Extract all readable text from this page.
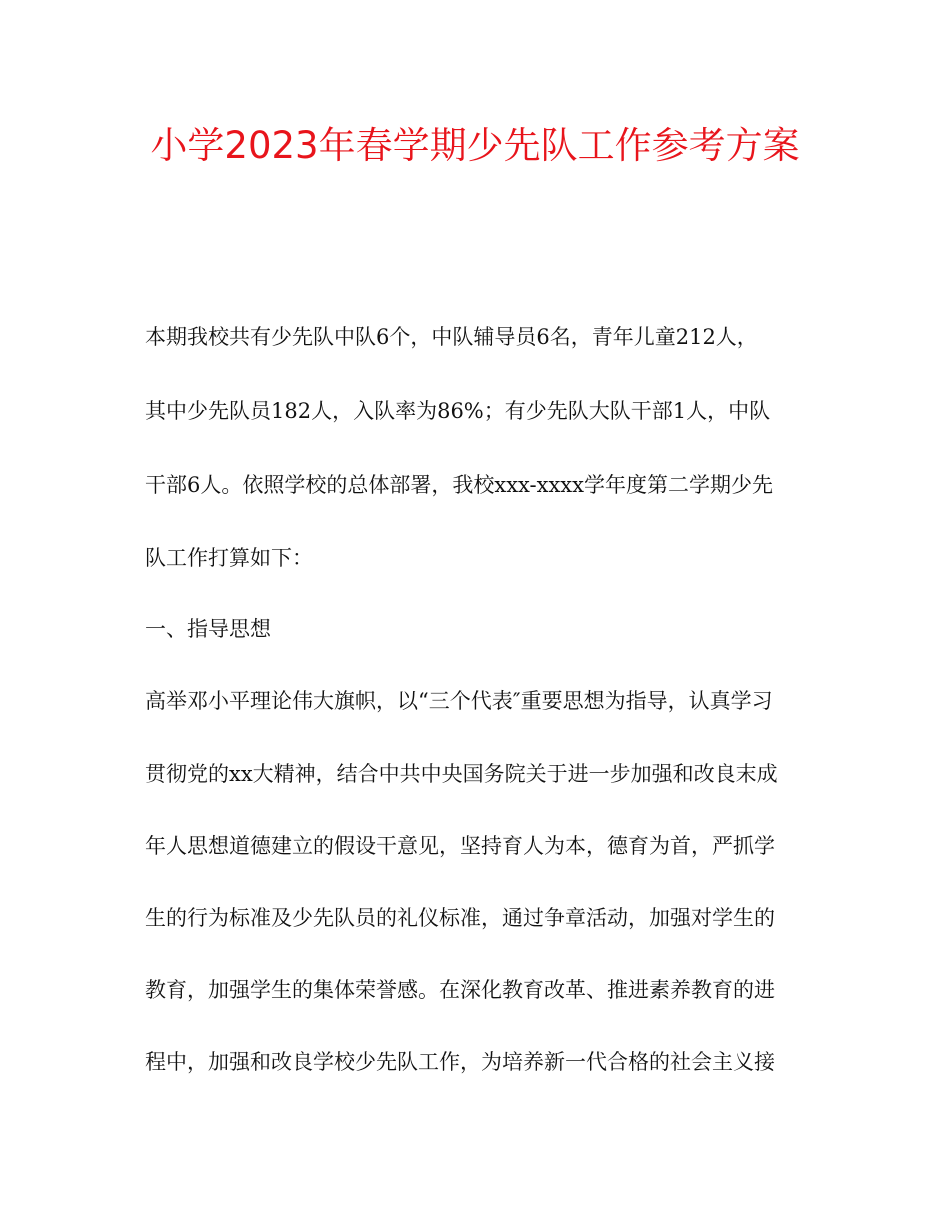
小学2023年春学期少先队工作参考方案

本期我校共有少先队中队6个，中队辅导员6名，青年儿童212人，

其中少先队员182人，入队率为86%；有少先队大队干部1人，中队

干部6人。依照学校的总体部署，我校xxx-xxxx学年度第二学期少先

队工作打算如下：

一、指导思想

高举邓小平理论伟大旗帜，以“三个代表″重要思想为指导，认真学习

贯彻党的xx大精神，结合中共中央国务院关于进一步加强和改良末成

年人思想道德建立的假设干意见，坚持育人为本，德育为首，严抓学

生的行为标准及少先队员的礼仪标准，通过争章活动，加强对学生的

教育，加强学生的集体荣誉感。在深化教育改革、推进素养教育的进

程中，加强和改良学校少先队工作，为培养新一代合格的社会主义接
